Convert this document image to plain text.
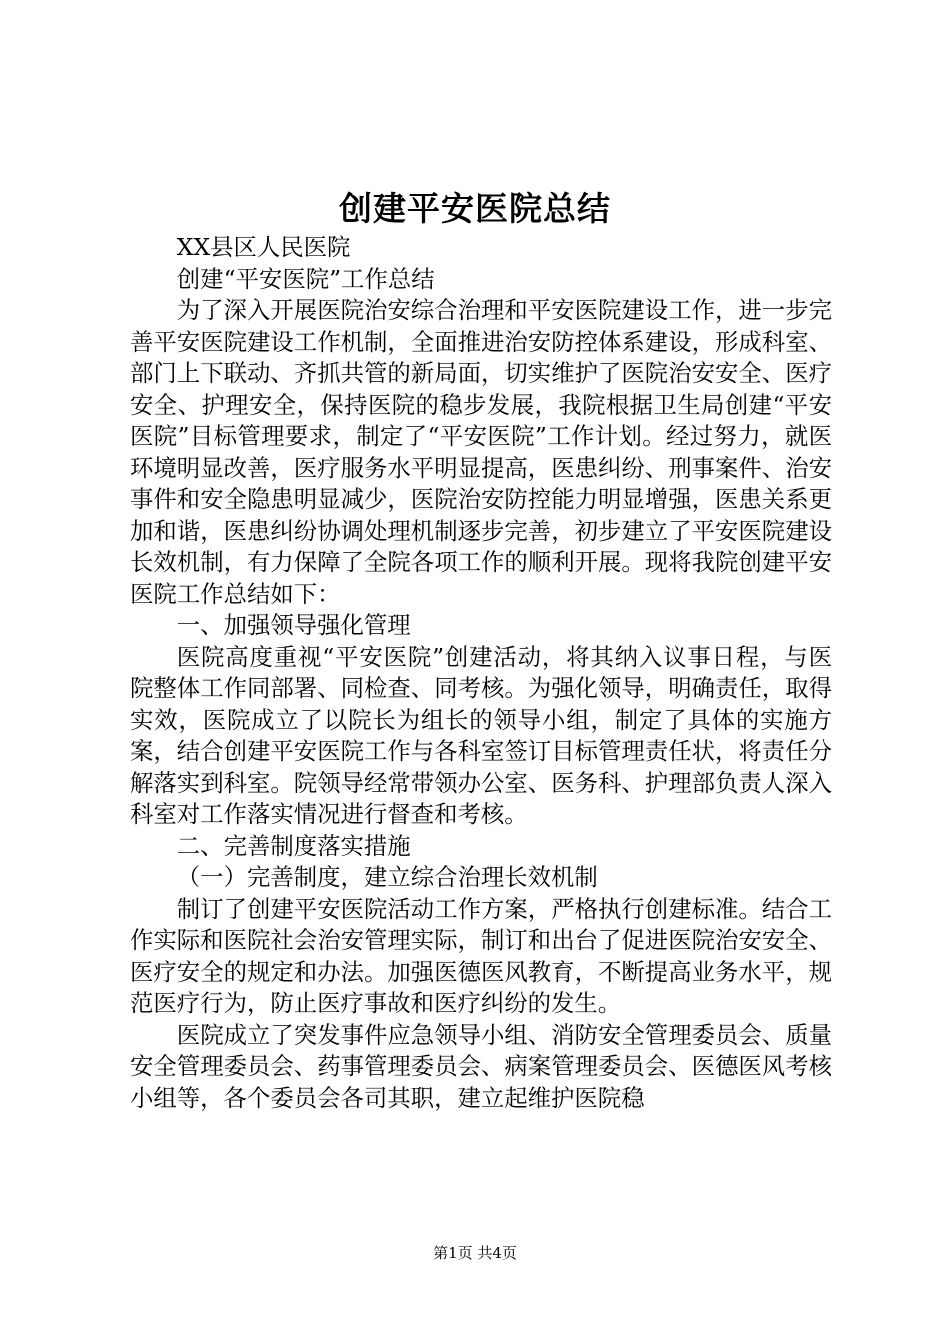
创建平安医院总结

XX县区人民医院

创建“平安医院”工作总结

为了深入开展医院治安综合治理和平安医院建设工作，进一步完善平安医院建设工作机制，全面推进治安防控体系建设，形成科室、部门上下联动、齐抓共管的新局面，切实维护了医院治安安全、医疗安全、护理安全，保持医院的稳步发展，我院根据卫生局创建“平安医院”目标管理要求，制定了“平安医院”工作计划。经过努力，就医环境明显改善，医疗服务水平明显提高，医患纠纷、刑事案件、治安事件和安全隐患明显减少，医院治安防控能力明显增强，医患关系更加和谐，医患纠纷协调处理机制逐步完善，初步建立了平安医院建设长效机制，有力保障了全院各项工作的顺利开展。现将我院创建平安医院工作总结如下：

一、加强领导强化管理

医院高度重视“平安医院”创建活动，将其纳入议事日程，与医院整体工作同部署、同检查、同考核。为强化领导，明确责任，取得实效，医院成立了以院长为组长的领导小组，制定了具体的实施方案，结合创建平安医院工作与各科室签订目标管理责任状，将责任分解落实到科室。院领导经常带领办公室、医务科、护理部负责人深入科室对工作落实情况进行督查和考核。

二、完善制度落实措施

（一）完善制度，建立综合治理长效机制

制订了创建平安医院活动工作方案，严格执行创建标准。结合工作实际和医院社会治安管理实际，制订和出台了促进医院治安安全、医疗安全的规定和办法。加强医德医风教育，不断提高业务水平，规范医疗行为，防止医疗事故和医疗纠纷的发生。

医院成立了突发事件应急领导小组、消防安全管理委员会、质量安全管理委员会、药事管理委员会、病案管理委员会、医德医风考核小组等，各个委员会各司其职，建立起维护医院稳

第1页 共4页
